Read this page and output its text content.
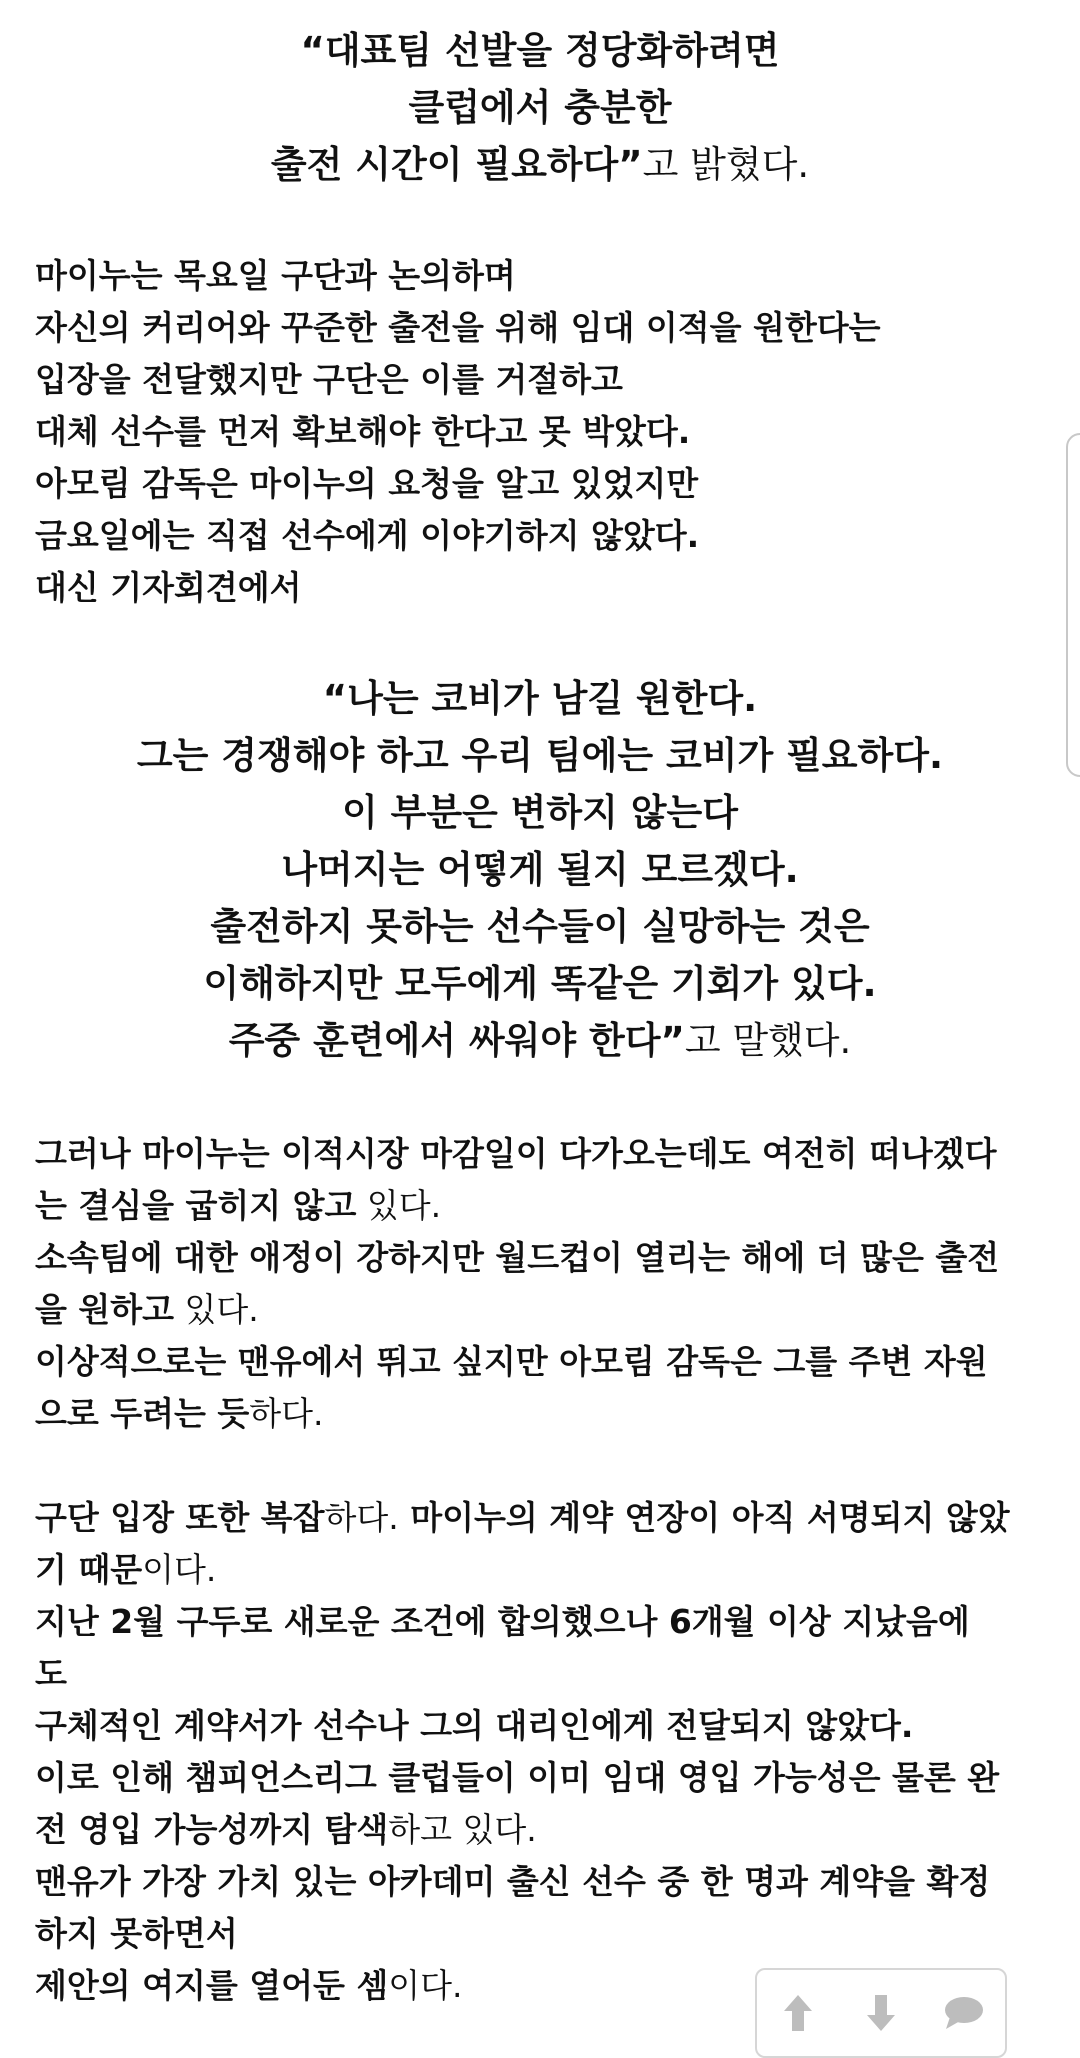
“대표팀 선발을 정당화하려면
클럽에서 충분한
출전 시간이 필요하다”고 밝혔다.
마이누는 목요일 구단과 논의하며
자신의 커리어와 꾸준한 출전을 위해 임대 이적을 원한다는
입장을 전달했지만 구단은 이를 거절하고
대체 선수를 먼저 확보해야 한다고 못 박았다.
아모림 감독은 마이누의 요청을 알고 있었지만
금요일에는 직접 선수에게 이야기하지 않았다.
대신 기자회견에서
“나는 코비가 남길 원한다.
그는 경쟁해야 하고 우리 팀에는 코비가 필요하다.
이 부분은 변하지 않는다
나머지는 어떻게 될지 모르겠다.
출전하지 못하는 선수들이 실망하는 것은
이해하지만 모두에게 똑같은 기회가 있다.
주중 훈련에서 싸워야 한다”고 말했다.
그러나 마이누는 이적시장 마감일이 다가오는데도 여전히 떠나겠다
는 결심을 굽히지 않고 있다.
소속팀에 대한 애정이 강하지만 월드컵이 열리는 해에 더 많은 출전
을 원하고 있다.
이상적으로는 맨유에서 뛰고 싶지만 아모림 감독은 그를 주변 자원
으로 두려는 듯하다.
구단 입장 또한 복잡하다. 마이누의 계약 연장이 아직 서명되지 않았
기 때문이다.
지난 2월 구두로 새로운 조건에 합의했으나 6개월 이상 지났음에
도
구체적인 계약서가 선수나 그의 대리인에게 전달되지 않았다.
이로 인해 챔피언스리그 클럽들이 이미 임대 영입 가능성은 물론 완
전 영입 가능성까지 탐색하고 있다.
맨유가 가장 가치 있는 아카데미 출신 선수 중 한 명과 계약을 확정
하지 못하면서
제안의 여지를 열어둔 셈이다.
